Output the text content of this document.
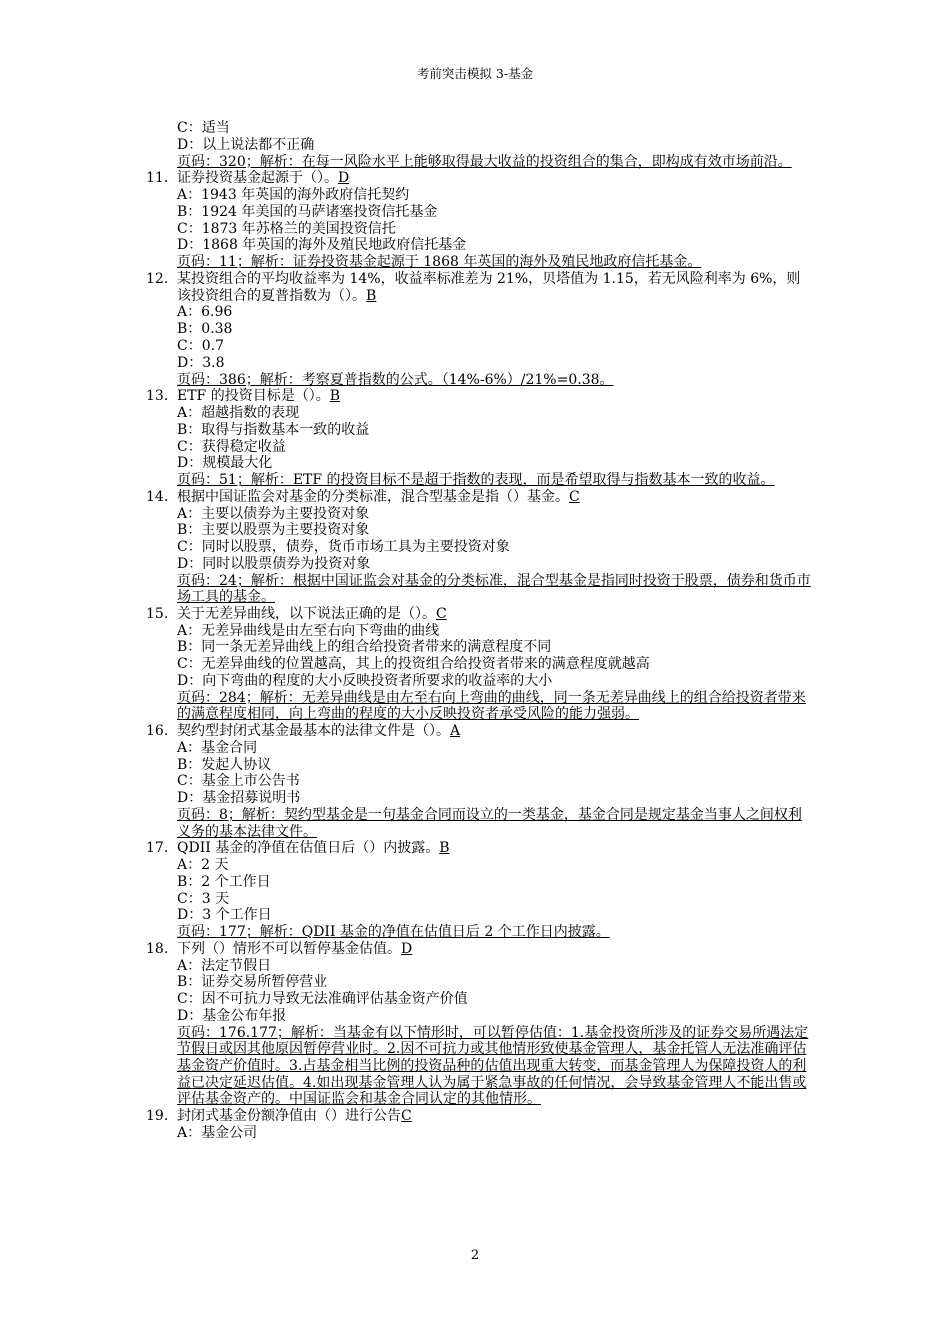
考前突击模拟 3-基金
C：适当
D：以上说法都不正确
页码：320；解析：在每一风险水平上能够取得最大收益的投资组合的集合，即构成有效市场前沿。
11. 证券投资基金起源于（）。D
A：1943 年英国的海外政府信托契约
B：1924 年美国的马萨诸塞投资信托基金
C：1873 年苏格兰的美国投资信托
D：1868 年英国的海外及殖民地政府信托基金
页码：11；解析：证券投资基金起源于 1868 年英国的海外及殖民地政府信托基金。
12. 某投资组合的平均收益率为 14%，收益率标准差为 21%，贝塔值为 1.15，若无风险利率为 6%，则该投资组合的夏普指数为（）。B
A：6.96
B：0.38
C：0.7
D：3.8
页码：386；解析：考察夏普指数的公式。（14%-6%）/21%=0.38。
13. ETF 的投资目标是（）。B
A：超越指数的表现
B：取得与指数基本一致的收益
C：获得稳定收益
D：规模最大化
页码：51；解析：ETF 的投资目标不是超于指数的表现，而是希望取得与指数基本一致的收益。
14. 根据中国证监会对基金的分类标准，混合型基金是指（）基金。C
A：主要以债券为主要投资对象
B：主要以股票为主要投资对象
C：同时以股票，债券，货币市场工具为主要投资对象
D：同时以股票债券为投资对象
页码：24；解析：根据中国证监会对基金的分类标准，混合型基金是指同时投资于股票，债券和货币市场工具的基金。
15. 关于无差异曲线，以下说法正确的是（）。C
A：无差异曲线是由左至右向下弯曲的曲线
B：同一条无差异曲线上的组合给投资者带来的满意程度不同
C：无差异曲线的位置越高，其上的投资组合给投资者带来的满意程度就越高
D：向下弯曲的程度的大小反映投资者所要求的收益率的大小
页码：284；解析：无差异曲线是由左至右向上弯曲的曲线，同一条无差异曲线上的组合给投资者带来的满意程度相同，向上弯曲的程度的大小反映投资者承受风险的能力强弱。
16. 契约型封闭式基金最基本的法律文件是（）。A
A：基金合同
B：发起人协议
C：基金上市公告书
D：基金招募说明书
页码：8；解析：契约型基金是一句基金合同而设立的一类基金，基金合同是规定基金当事人之间权利义务的基本法律文件。
17. QDII 基金的净值在估值日后（）内披露。B
A：2 天
B：2 个工作日
C：3 天
D：3 个工作日
页码：177；解析：QDII 基金的净值在估值日后 2 个工作日内披露。
18. 下列（）情形不可以暂停基金估值。D
A：法定节假日
B：证券交易所暂停营业
C：因不可抗力导致无法准确评估基金资产价值
D：基金公布年报
页码：176.177；解析：当基金有以下情形时，可以暂停估值：1.基金投资所涉及的证券交易所遇法定节假日或因其他原因暂停营业时。2.因不可抗力或其他情形致使基金管理人，基金托管人无法准确评估基金资产价值时。3.占基金相当比例的投资品种的估值出现重大转变，而基金管理人为保障投资人的利益已决定延迟估值。4.如出现基金管理人认为属于紧急事故的任何情况，会导致基金管理人不能出售或评估基金资产的。中国证监会和基金合同认定的其他情形。
19. 封闭式基金份额净值由（）进行公告C
A：基金公司
2
